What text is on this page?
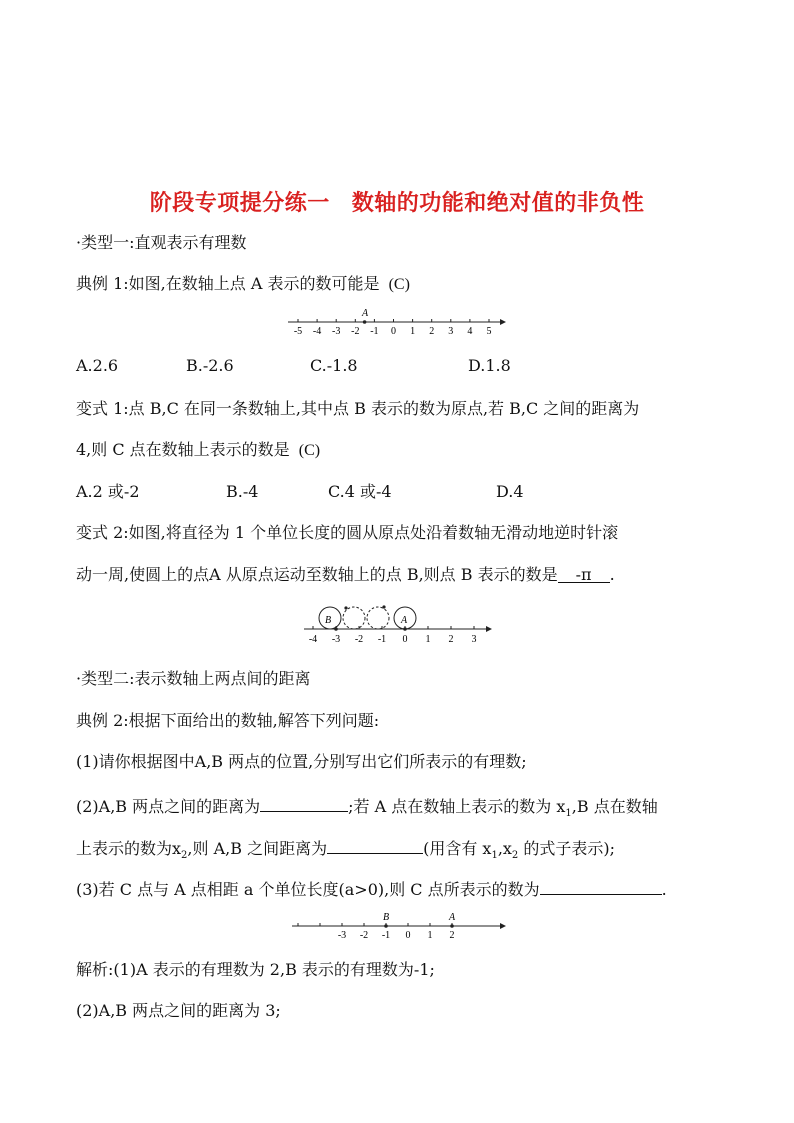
阶段专项提分练一 数轴的功能和绝对值的非负性
·类型一:直观表示有理数
典例 1:如图,在数轴上点 A 表示的数可能是 (C)
-5 -4 -3 -2 -1 0 1 2 3 4 5
A
A.2.6	B.-2.6	C.-1.8	D.1.8
变式 1:点 B,C 在同一条数轴上,其中点 B 表示的数为原点,若 B,C 之间的距离为
4,则 C 点在数轴上表示的数是 (C)
A.2 或-2	B.-4	C.4 或-4	D.4
变式 2:如图,将直径为 1 个单位长度的圆从原点处沿着数轴无滑动地逆时针滚
动一周,使圆上的点A 从原点运动至数轴上的点 B,则点 B 表示的数是 -π .
-4 -3 -2 -1 0 1 2 3
B	A
·类型二:表示数轴上两点间的距离
典例 2:根据下面给出的数轴,解答下列问题:
(1)请你根据图中A,B 两点的位置,分别写出它们所表示的有理数;
(2)A,B 两点之间的距离为	;若 A 点在数轴上表示的数为 $x_1,B$ 点在数轴
上表示的数为$x_2$,则 A,B 之间距离为	(用含有 $x_1,x_2$ 的式子表示);
(3)若 C 点与 A 点相距 a 个单位长度(a>0),则 C 点所表示的数为	.
-3 -2 -1 0 1 2
B	A
解析:(1)A 表示的有理数为 2,B 表示的有理数为-1;
(2)A,B 两点之间的距离为 3;
